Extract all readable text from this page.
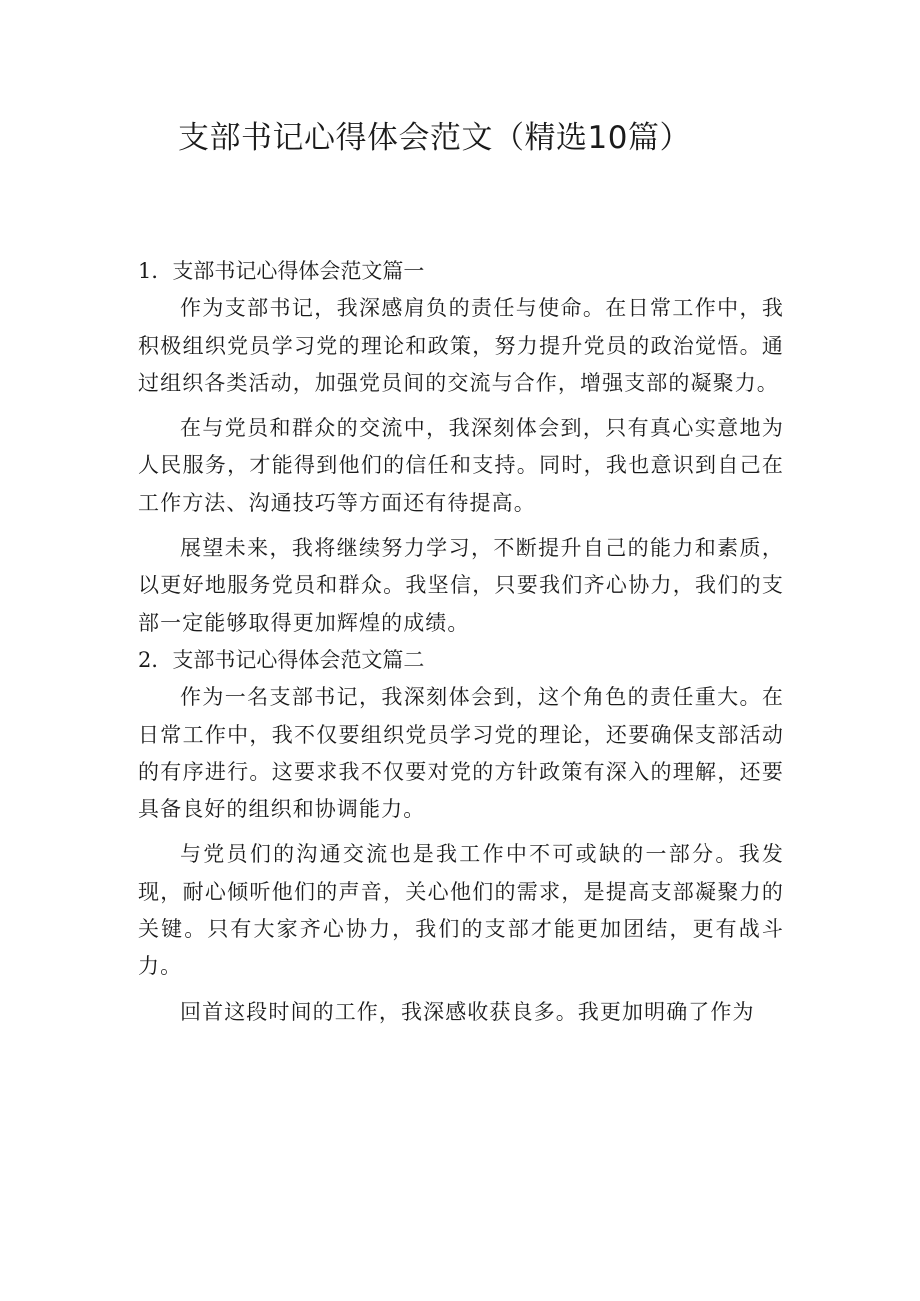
支部书记心得体会范文（精选10篇）
1．支部书记心得体会范文篇一

作为支部书记，我深感肩负的责任与使命。在日常工作中，我积极组织党员学习党的理论和政策，努力提升党员的政治觉悟。通过组织各类活动，加强党员间的交流与合作，增强支部的凝聚力。

在与党员和群众的交流中，我深刻体会到，只有真心实意地为人民服务，才能得到他们的信任和支持。同时，我也意识到自己在工作方法、沟通技巧等方面还有待提高。

展望未来，我将继续努力学习，不断提升自己的能力和素质，以更好地服务党员和群众。我坚信，只要我们齐心协力，我们的支部一定能够取得更加辉煌的成绩。

2．支部书记心得体会范文篇二

作为一名支部书记，我深刻体会到，这个角色的责任重大。在日常工作中，我不仅要组织党员学习党的理论，还要确保支部活动的有序进行。这要求我不仅要对党的方针政策有深入的理解，还要具备良好的组织和协调能力。

与党员们的沟通交流也是我工作中不可或缺的一部分。我发现，耐心倾听他们的声音，关心他们的需求，是提高支部凝聚力的关键。只有大家齐心协力，我们的支部才能更加团结，更有战斗力。

回首这段时间的工作，我深感收获良多。我更加明确了作为
